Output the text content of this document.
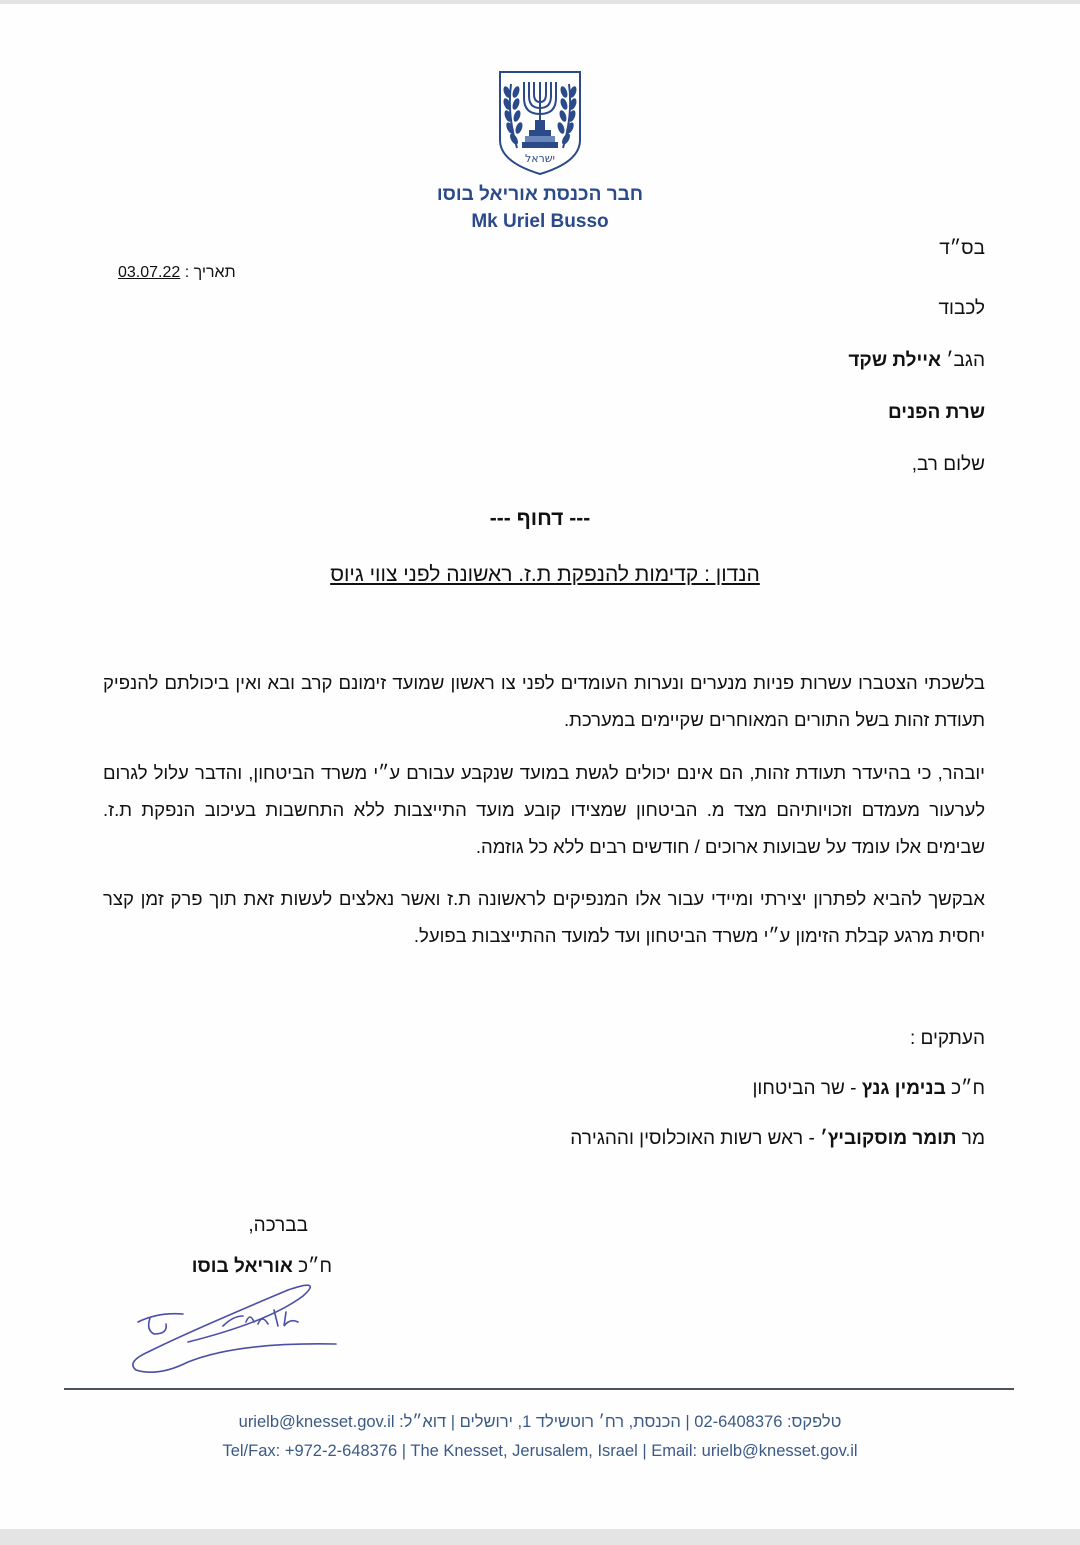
ישראל
חבר הכנסת אוריאל בוסו
Mk Uriel Busso
בס״ד
תאריך : 03.07.22
לכבוד
הגב׳ איילת שקד
שרת הפנים
שלום רב,
--- דחוף ---
הנדון : קדימות להנפקת ת.ז. ראשונה לפני צווי גיוס
בלשכתי הצטברו עשרות פניות מנערים ונערות העומדים לפני צו ראשון שמועד זימונם קרב ובא ואין ביכולתם להנפיק תעודת זהות בשל התורים המאוחרים שקיימים במערכת.
יובהר, כי בהיעדר תעודת זהות, הם אינם יכולים לגשת במועד שנקבע עבורם ע״י משרד הביטחון, והדבר עלול לגרום לערעור מעמדם וזכויותיהם מצד מ. הביטחון שמצידו קובע מועד התייצבות ללא התחשבות בעיכוב הנפקת ת.ז. שבימים אלו עומד על שבועות ארוכים / חודשים רבים ללא כל גוזמה.
אבקשך להביא לפתרון יצירתי ומיידי עבור אלו המנפיקים לראשונה ת.ז ואשר נאלצים לעשות זאת תוך פרק זמן קצר יחסית מרגע קבלת הזימון ע״י משרד הביטחון ועד למועד ההתייצבות בפועל.
העתקים :
ח״כ בנימין גנץ - שר הביטחון
מר תומר מוסקוביץ׳ - ראש רשות האוכלוסין וההגירה
בברכה,
ח״כ אוריאל בוסו
טלפקס: 02-6408376 | הכנסת, רח׳ רוטשילד 1, ירושלים | דוא״ל: urielb@knesset.gov.il
Tel/Fax: +972-2-648376 | The Knesset, Jerusalem, Israel | Email: urielb@knesset.gov.il
